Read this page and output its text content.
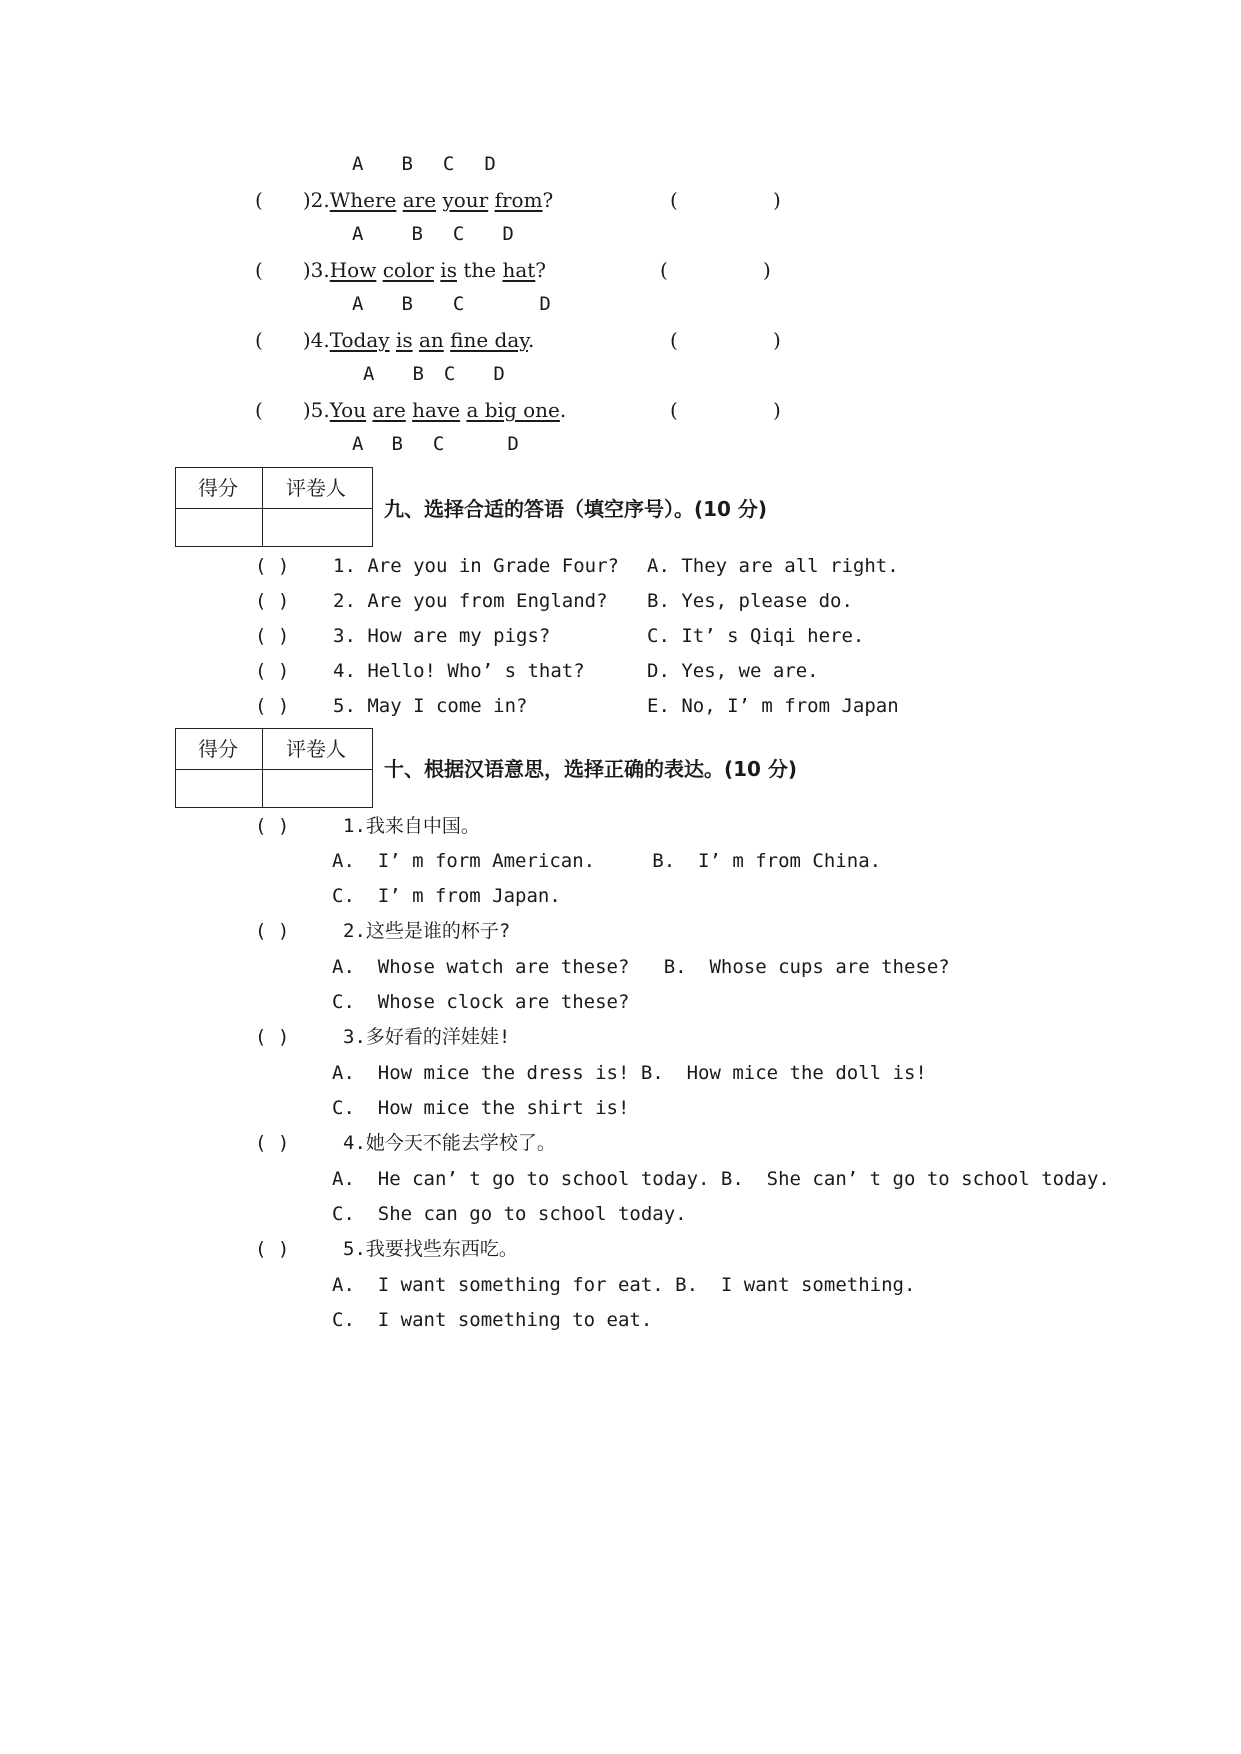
A B C D
( )2.Where are your from?	(	)
A	B C D
( )3.How color is the hat?	(	)
A B C	D
( )4.Today is an fine day.	(	)
A B C D
( )5.You are have a big one.	(	)
A B C	D
得分 评卷人
九、选择合适的答语（填空序号）。(10 分)
( ) 1. Are you in Grade Four? A. They are all right.
( ) 2. Are you from England? B. Yes, please do.
( ) 3. How are my pigs?	C. It’ s Qiqi here.
( ) 4. Hello! Who’ s that?	D. Yes, we are.
( ) 5. May I come in?	E. No, I’ m from Japan
得分 评卷人
十、根据汉语意思，选择正确的表达。(10 分)
( )	1.我来自中国。
A.  I’ m form American.     B.  I’ m from China.
C.  I’ m from Japan.
( )	2.这些是谁的杯子?
A.  Whose watch are these?   B.  Whose cups are these?
C.  Whose clock are these?
( )	3.多好看的洋娃娃!
A.  How mice the dress is! B.  How mice the doll is!
C.  How mice the shirt is!
( )	4.她今天不能去学校了。
A.  He can’ t go to school today. B.  She can’ t go to school today.
C.  She can go to school today.
( )	5.我要找些东西吃。
A.  I want something for eat. B.  I want something.
C.  I want something to eat.
